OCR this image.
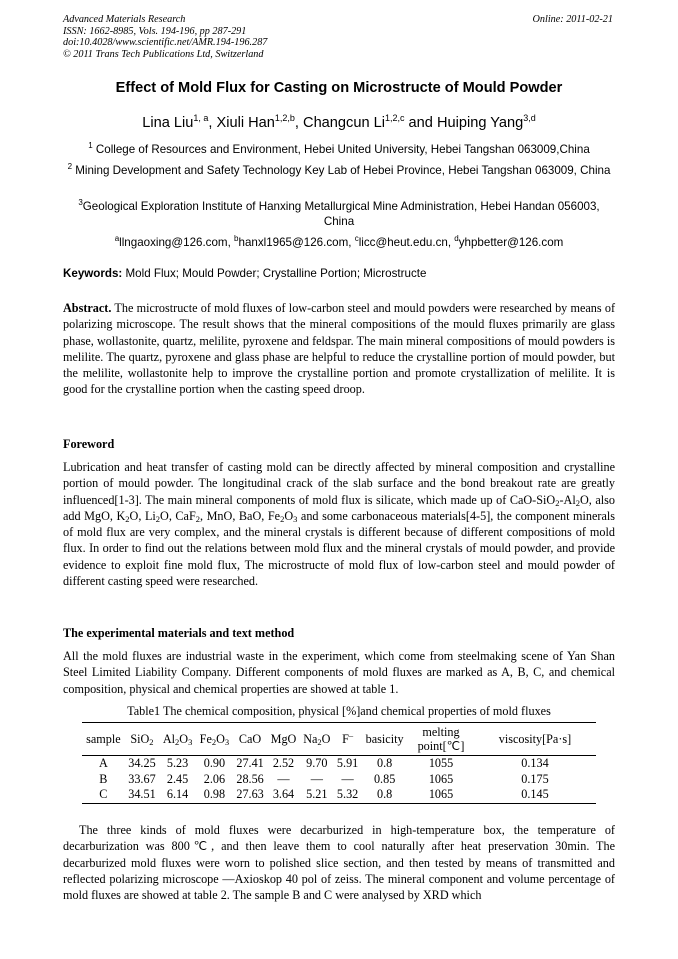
Advanced Materials Research
ISSN: 1662-8985, Vols. 194-196, pp 287-291
doi:10.4028/www.scientific.net/AMR.194-196.287
© 2011 Trans Tech Publications Ltd, Switzerland
Online: 2011-02-21
Effect of Mold Flux for Casting on Microstructe of Mould Powder
Lina Liu$^{1, a}$, Xiuli Han$^{1,2,b}$, Changcun Li$^{1,2,c}$ and Huiping Yang$^{3,d}$
$^1$ College of Resources and Environment, Hebei United University, Hebei Tangshan 063009,China
$^2$ Mining Development and Safety Technology Key Lab of Hebei Province, Hebei Tangshan 063009, China
$^3$Geological Exploration Institute of Hanxing Metallurgical Mine Administration, Hebei Handan 056003, China
$^a$llngaoxing@126.com, $^b$hanxl1965@126.com, $^c$licc@heut.edu.cn, $^d$yhpbetter@126.com
Keywords: Mold Flux; Mould Powder; Crystalline Portion; Microstructe
Abstract. The microstructe of mold fluxes of low-carbon steel and mould powders were researched by means of polarizing microscope. The result shows that the mineral compositions of the mould fluxes primarily are glass phase, wollastonite, quartz, melilite, pyroxene and feldspar. The main mineral compositions of mould powders is melilite. The quartz, pyroxene and glass phase are helpful to reduce the crystalline portion of mould powder, but the melilite, wollastonite help to improve the crystalline portion and promote crystallization of melilite. It is good for the crystalline portion when the casting speed droop.
Foreword
Lubrication and heat transfer of casting mold can be directly affected by mineral composition and crystalline portion of mould powder. The longitudinal crack of the slab surface and the bond breakout rate are greatly influenced[1-3]. The main mineral components of mold flux is silicate, which made up of CaO-$SiO_2-Al_2O$, also add MgO, $K_2O$, $Li_2O$, CaF$_2$, MnO, BaO, $Fe_2O_3$ and some carbonaceous materials[4-5], the component minerals of mold flux are very complex, and the mineral crystals is different because of different compositions of mold flux. In order to find out the relations between mold flux and the mineral crystals of mould powder, and provide evidence to exploit fine mold flux, The microstructe of mold flux of low-carbon steel and mould powder of different casting speed were researched.
The experimental materials and text method
All the mold fluxes are industrial waste in the experiment, which come from steelmaking scene of Yan Shan Steel Limited Liability Company. Different components of mold fluxes are marked as A, B, C, and chemical composition, physical and chemical properties are showed at table 1.
Table1 The chemical composition, physical [%]and chemical properties of mold fluxes
sample	SiO$_2$	$Al_2O_3$	$Fe_2O_3$	CaO	MgO	$Na_2O$	F–	basicity	melting point[℃]	viscosity[Pa·s]
A	34.25	5.23	0.90	27.41	2.52	9.70	5.91	0.8	1055	0.134
B	33.67	2.45	2.06	28.56	—	—	—	0.85	1065	0.175
C	34.51	6.14	0.98	27.63	3.64	5.21	5.32	0.8	1065	0.145
The three kinds of mold fluxes were decarburized in high-temperature box, the temperature of decarburization was 800℃, and then leave them to cool naturally after heat preservation 30min. The decarburized mold fluxes were worn to polished slice section, and then tested by means of transmitted and reflected polarizing microscope —Axioskop 40 pol of zeiss. The mineral component and volume percentage of mold fluxes are showed at table 2. The sample B and C were analysed by XRD which
